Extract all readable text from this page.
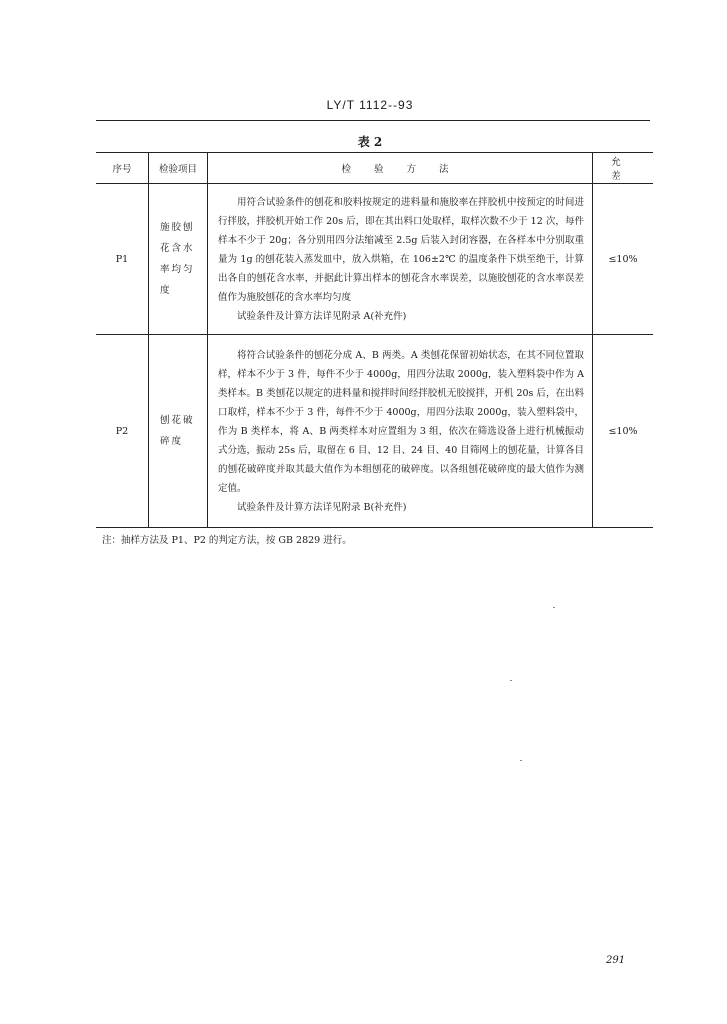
LY/T 1112--93
表 2
序号	检验项目	检 验 方 法	允 差
P1	施胶刨花含水率均匀度	用符合试验条件的刨花和胶料按规定的进料量和施胶率在拌胶机中按预定的时间进行拌胶，拌胶机开始工作 20s 后，即在其出料口处取样，取样次数不少于 12 次，每件样本不少于 20g；各分别用四分法缩减至 2.5g 后装入封闭容器，在各样本中分别取重量为 1g 的刨花装入蒸发皿中，放入烘箱，在 106±2℃ 的温度条件下烘至绝干，计算出各自的刨花含水率，并据此计算出样本的刨花含水率误差，以施胶刨花的含水率误差值作为施胶刨花的含水率均匀度

试验条件及计算方法详见附录 A(补充件)	≤10%
P2	刨花破碎度	将符合试验条件的刨花分成 A、B 两类。A 类刨花保留初始状态，在其不同位置取样，样本不少于 3 件，每件不少于 4000g，用四分法取 2000g，装入塑料袋中作为 A 类样本。B 类刨花以规定的进料量和搅拌时间经拌胶机无胶搅拌，开机 20s 后，在出料口取样，样本不少于 3 件，每件不少于 4000g，用四分法取 2000g，装入塑料袋中，作为 B 类样本，将 A、B 两类样本对应置组为 3 组，依次在筛选设备上进行机械振动式分选，振动 25s 后，取留在 6 目、12 目、24 目、40 目筛网上的刨花量，计算各目的刨花破碎度并取其最大值作为本组刨花的破碎度。以各组刨花破碎度的最大值作为测定值。

试验条件及计算方法详见附录 B(补充件)	≤10%
注：抽样方法及 P1、P2 的判定方法，按 GB 2829 进行。
291
